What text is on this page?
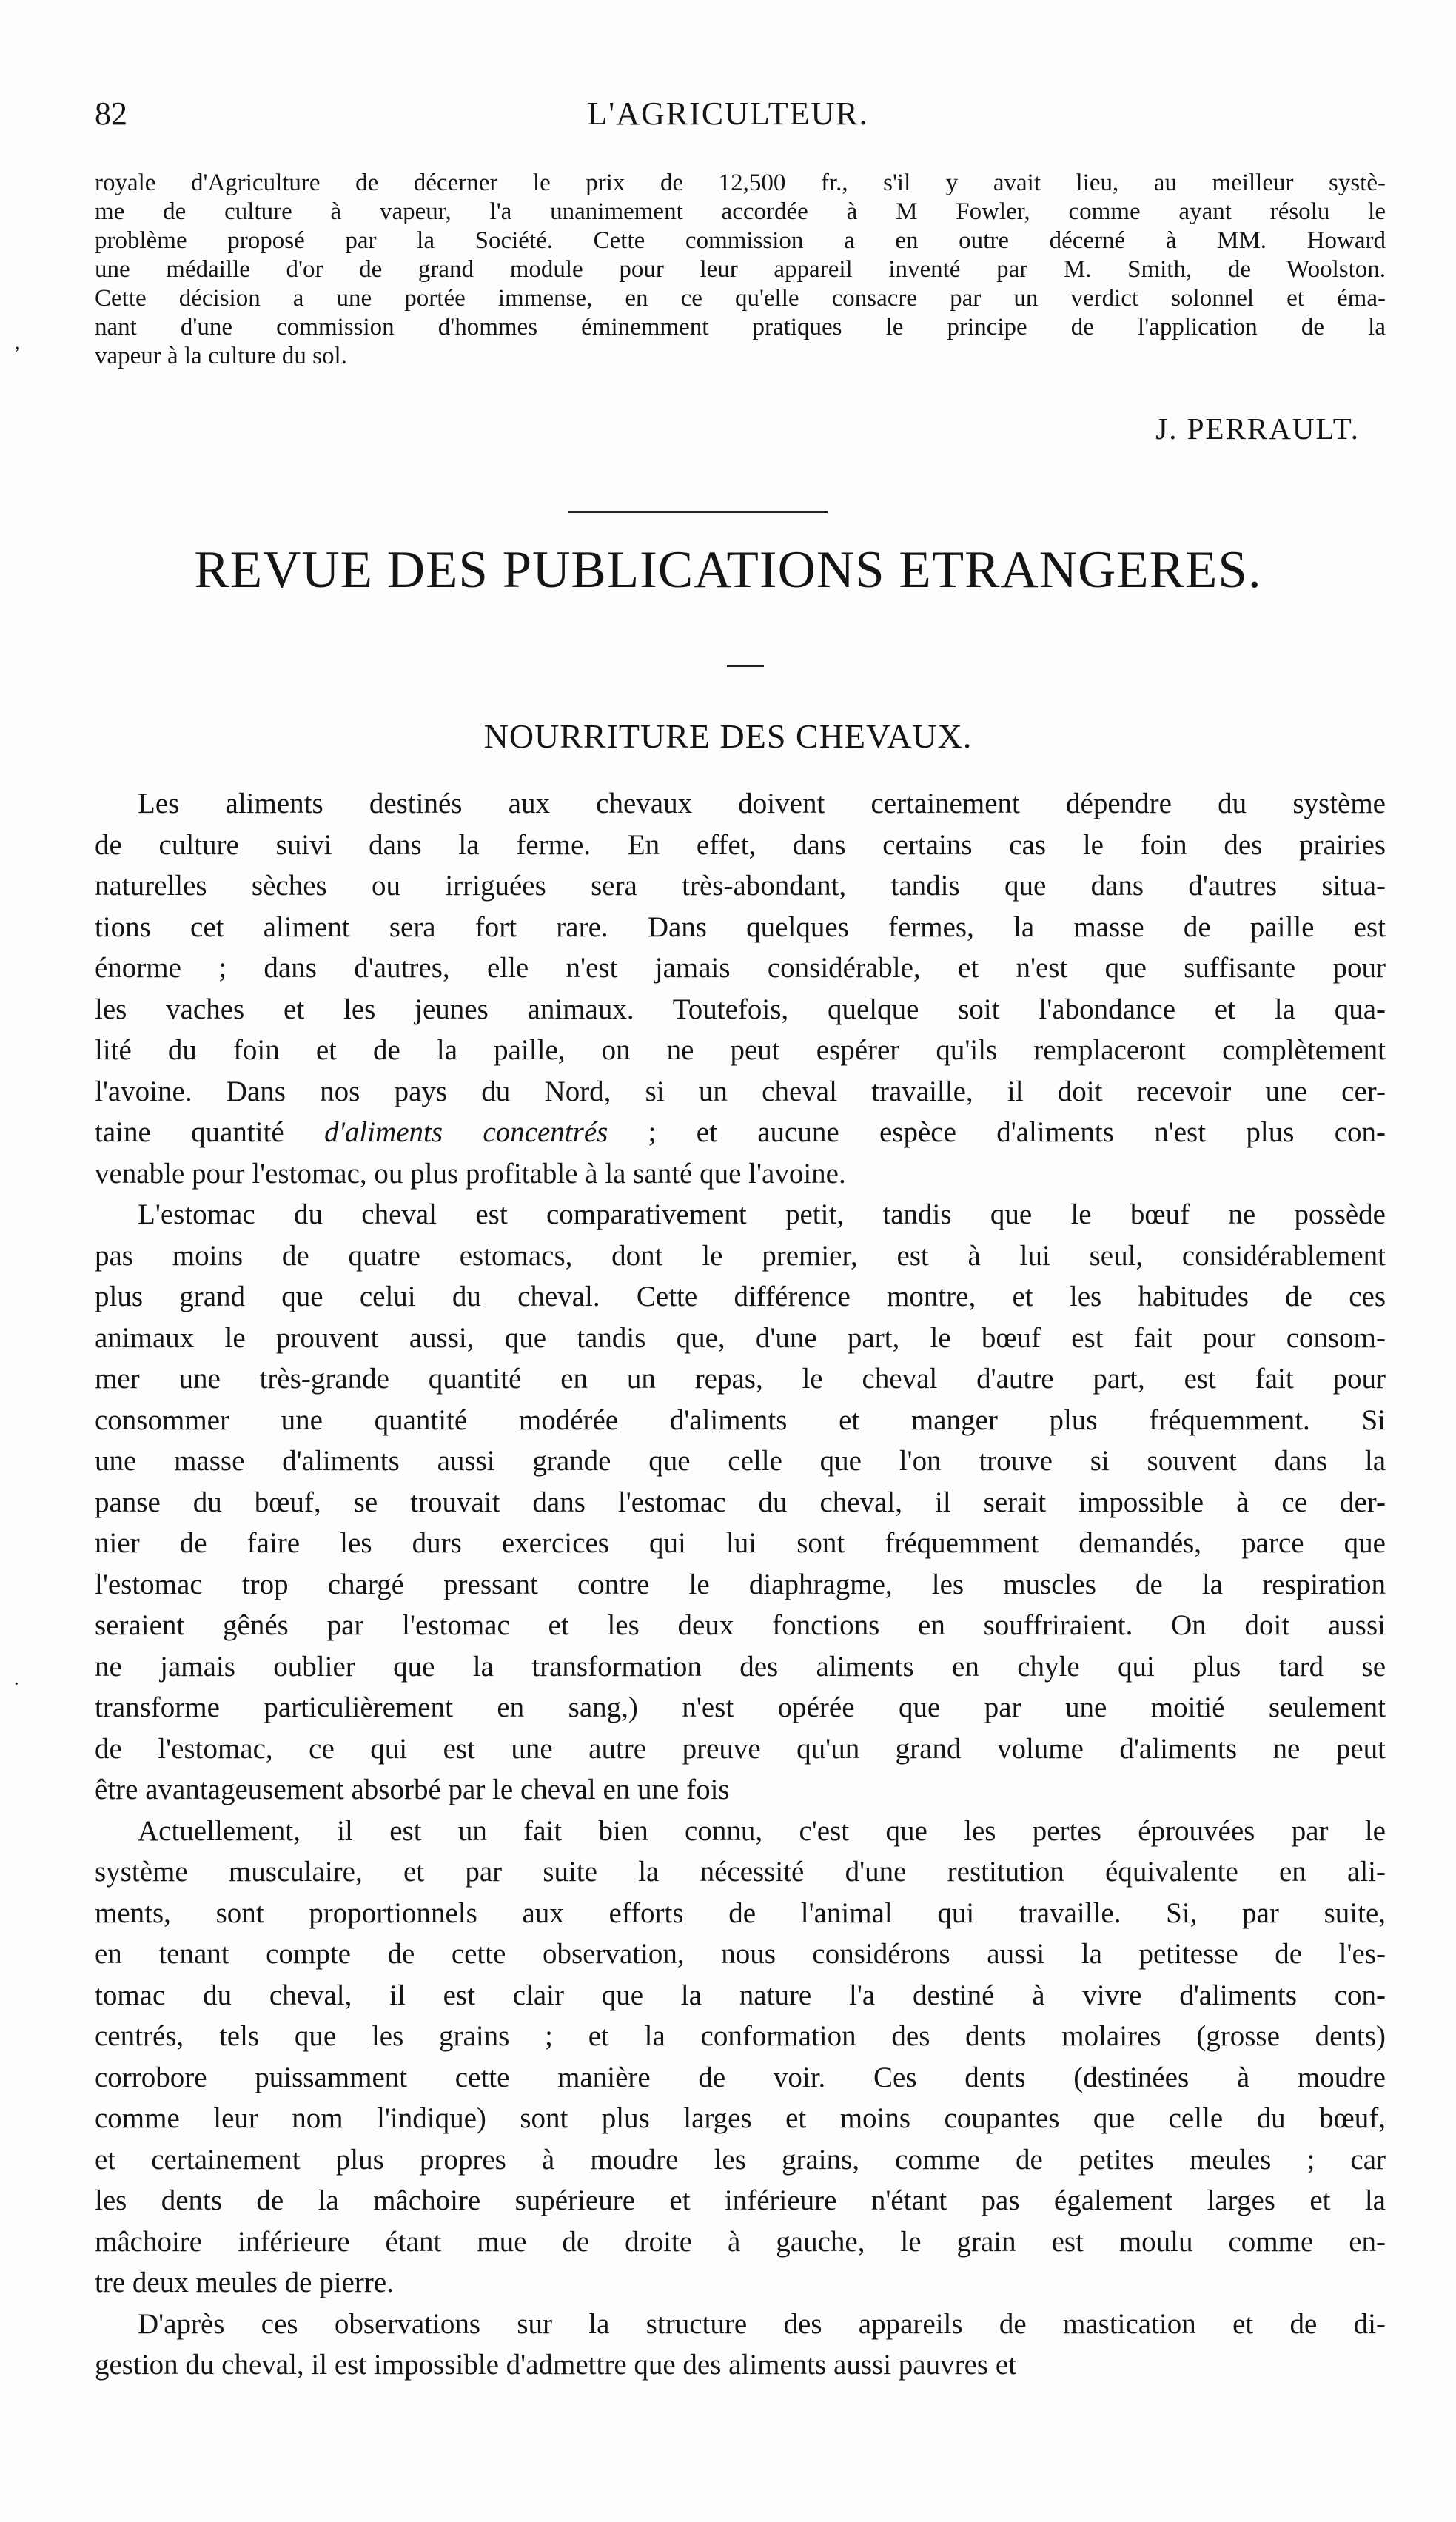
82	L'AGRICULTEUR.
royale d'Agriculture de décerner le prix de 12,500 fr., s'il y avait lieu, au meilleur systè-
me de culture à vapeur, l'a unanimement accordée à M Fowler, comme ayant résolu le
problème proposé par la Société. Cette commission a en outre décerné à MM. Howard
une médaille d'or de grand module pour leur appareil inventé par M. Smith, de Woolston.
Cette décision a une portée immense, en ce qu'elle consacre par un verdict solonnel et éma-
nant d'une commission d'hommes éminemment pratiques le principe de l'application de la
vapeur à la culture du sol.
,
J. PERRAULT.
REVUE DES PUBLICATIONS ETRANGERES.
NOURRITURE DES CHEVAUX.
Les aliments destinés aux chevaux doivent certainement dépendre du système
de culture suivi dans la ferme. En effet, dans certains cas le foin des prairies
naturelles sèches ou irriguées sera très-abondant, tandis que dans d'autres situa-
tions cet aliment sera fort rare. Dans quelques fermes, la masse de paille est
énorme ; dans d'autres, elle n'est jamais considérable, et n'est que suffisante pour
les vaches et les jeunes animaux. Toutefois, quelque soit l'abondance et la qua-
lité du foin et de la paille, on ne peut espérer qu'ils remplaceront complètement
l'avoine. Dans nos pays du Nord, si un cheval travaille, il doit recevoir une cer-
taine quantité d'aliments concentrés ; et aucune espèce d'aliments n'est plus con-
venable pour l'estomac, ou plus profitable à la santé que l'avoine.
L'estomac du cheval est comparativement petit, tandis que le bœuf ne possède
pas moins de quatre estomacs, dont le premier, est à lui seul, considérablement
plus grand que celui du cheval. Cette différence montre, et les habitudes de ces
animaux le prouvent aussi, que tandis que, d'une part, le bœuf est fait pour consom-
mer une très-grande quantité en un repas, le cheval d'autre part, est fait pour
consommer une quantité modérée d'aliments et manger plus fréquemment. Si
une masse d'aliments aussi grande que celle que l'on trouve si souvent dans la
panse du bœuf, se trouvait dans l'estomac du cheval, il serait impossible à ce der-
nier de faire les durs exercices qui lui sont fréquemment demandés, parce que
l'estomac trop chargé pressant contre le diaphragme, les muscles de la respiration
seraient gênés par l'estomac et les deux fonctions en souffriraient. On doit aussi
ne jamais oublier que la transformation des aliments en chyle qui plus tard se
transforme particulièrement en sang,) n'est opérée que par une moitié seulement
de l'estomac, ce qui est une autre preuve qu'un grand volume d'aliments ne peut
être avantageusement absorbé par le cheval en une fois
Actuellement, il est un fait bien connu, c'est que les pertes éprouvées par le
système musculaire, et par suite la nécessité d'une restitution équivalente en ali-
ments, sont proportionnels aux efforts de l'animal qui travaille. Si, par suite,
en tenant compte de cette observation, nous considérons aussi la petitesse de l'es-
tomac du cheval, il est clair que la nature l'a destiné à vivre d'aliments con-
centrés, tels que les grains ; et la conformation des dents molaires (grosse dents)
corrobore puissamment cette manière de voir. Ces dents (destinées à moudre
comme leur nom l'indique) sont plus larges et moins coupantes que celle du bœuf,
et certainement plus propres à moudre les grains, comme de petites meules ; car
les dents de la mâchoire supérieure et inférieure n'étant pas également larges et la
mâchoire inférieure étant mue de droite à gauche, le grain est moulu comme en-
tre deux meules de pierre.
D'après ces observations sur la structure des appareils de mastication et de di-
gestion du cheval, il est impossible d'admettre que des aliments aussi pauvres et
·
